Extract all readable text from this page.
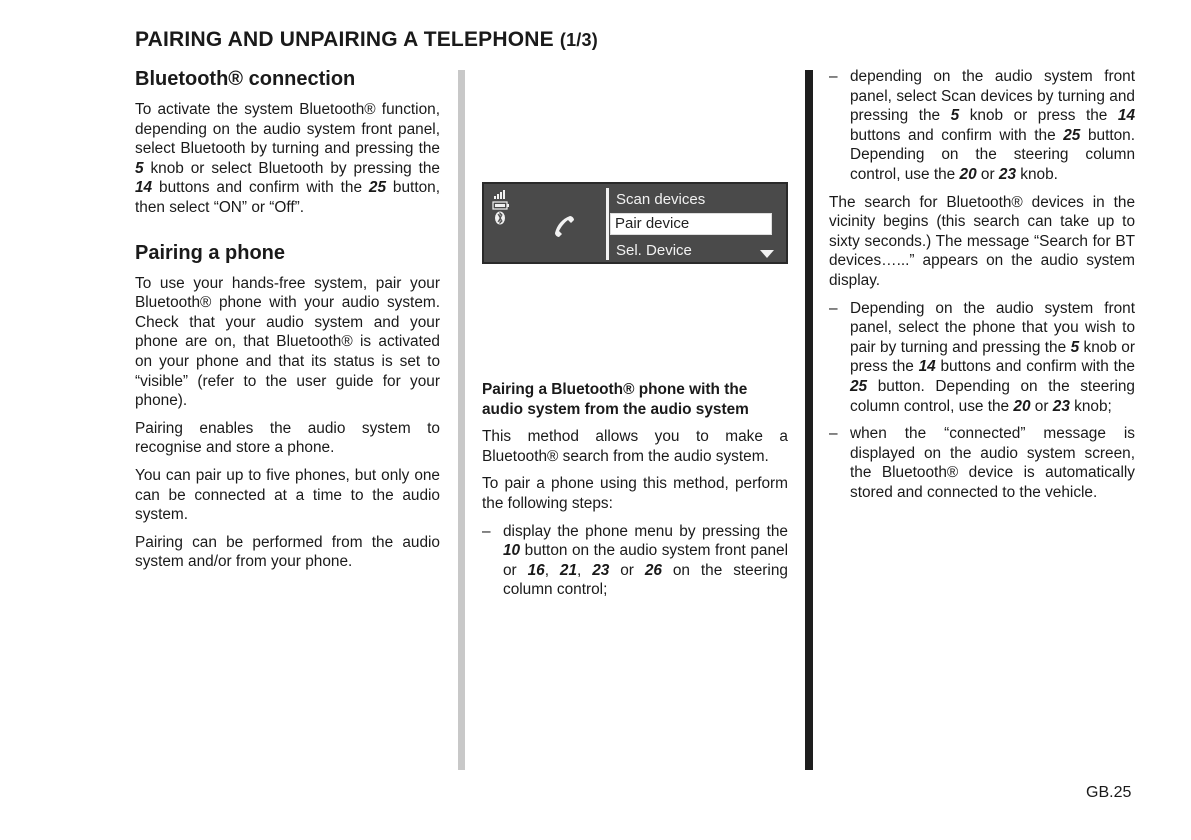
PAIRING AND UNPAIRING A TELEPHONE (1/3)
Bluetooth® connection

To activate the system Bluetooth® function, depending on the audio system front panel, select Bluetooth by turning and pressing the 5 knob or select Bluetooth by pressing the 14 buttons and confirm with the 25 button, then select “ON” or “Off”.

Pairing a phone

To use your hands-free system, pair your Bluetooth® phone with your audio system. Check that your audio system and your phone are on, that Bluetooth® is activated on your phone and that its status is set to “visible” (refer to the user guide for your phone).

Pairing enables the audio system to recognise and store a phone.

You can pair up to five phones, but only one can be connected at a time to the audio system.

Pairing can be performed from the audio system and/or from your phone.

Scan devices
Pair device
Sel. Device
Pairing a Bluetooth® phone with the audio system from the audio system

This method allows you to make a Bluetooth® search from the audio system.

To pair a phone using this method, perform the following steps:

– display the phone menu by pressing the 10 button on the audio system front panel or 16, 21, 23 or 26 on the steering column control;
– depending on the audio system front panel, select Scan devices by turning and pressing the 5 knob or press the 14 buttons and confirm with the 25 button. Depending on the steering column control, use the 20 or 23 knob.

The search for Bluetooth® devices in the vicinity begins (this search can take up to sixty seconds.) The message “Search for BT devices…...” appears on the audio system display.

– Depending on the audio system front panel, select the phone that you wish to pair by turning and pressing the 5 knob or press the 14 buttons and confirm with the 25 button. Depending on the steering column control, use the 20 or 23 knob;
– when the “connected” message is displayed on the audio system screen, the Bluetooth® device is automatically stored and connected to the vehicle.
GB.25
